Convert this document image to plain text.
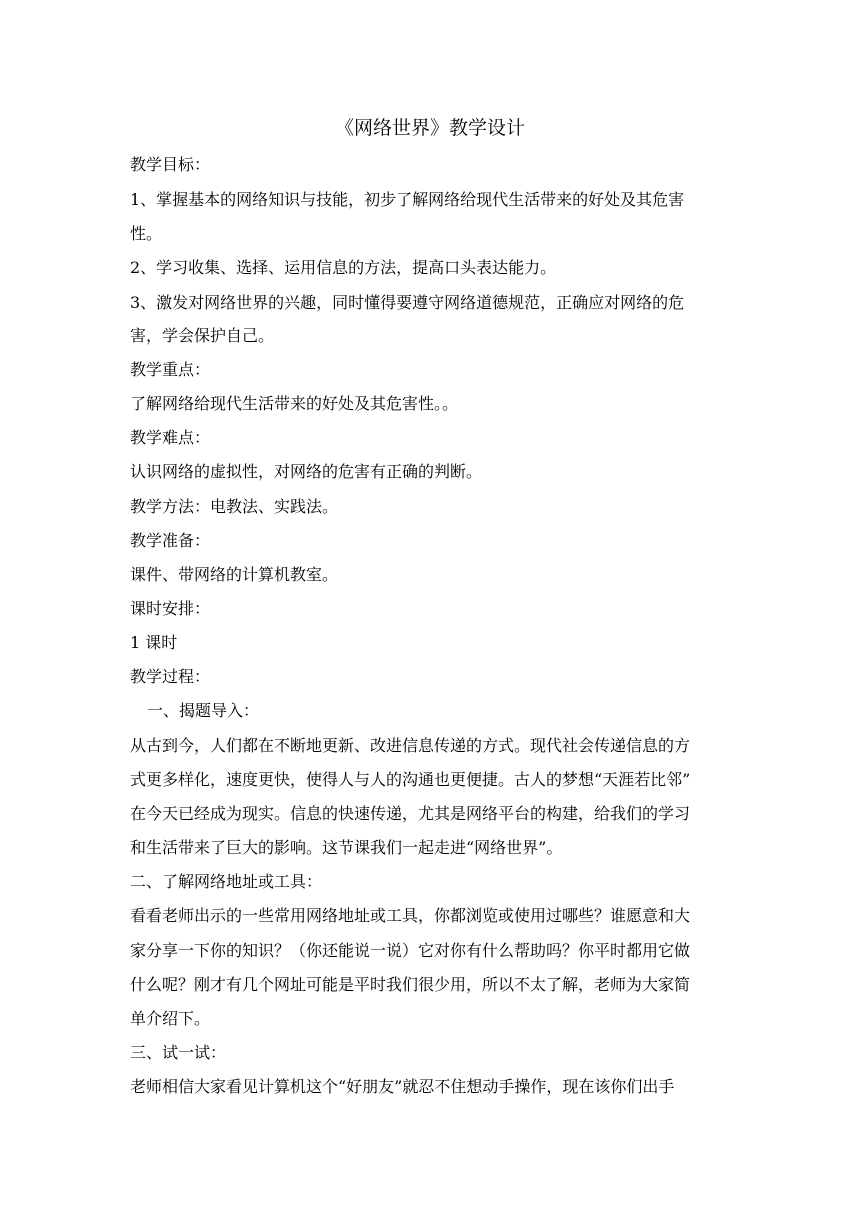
《网络世界》教学设计
教学目标：
1、掌握基本的网络知识与技能，初步了解网络给现代生活带来的好处及其危害
性。
2、学习收集、选择、运用信息的方法，提高口头表达能力。
3、激发对网络世界的兴趣，同时懂得要遵守网络道德规范，正确应对网络的危
害，学会保护自己。
教学重点：
了解网络给现代生活带来的好处及其危害性。。
教学难点：
认识网络的虚拟性，对网络的危害有正确的判断。
教学方法：电教法、实践法。
教学准备：
课件、带网络的计算机教室。
课时安排：
1 课时
教学过程：
一、揭题导入：
从古到今，人们都在不断地更新、改进信息传递的方式。现代社会传递信息的方
式更多样化，速度更快，使得人与人的沟通也更便捷。古人的梦想“天涯若比邻”
在今天已经成为现实。信息的快速传递，尤其是网络平台的构建，给我们的学习
和生活带来了巨大的影响。这节课我们一起走进“网络世界”。
二、了解网络地址或工具：
看看老师出示的一些常用网络地址或工具，你都浏览或使用过哪些？谁愿意和大
家分享一下你的知识？（你还能说一说）它对你有什么帮助吗？你平时都用它做
什么呢？刚才有几个网址可能是平时我们很少用，所以不太了解，老师为大家简
单介绍下。
三、试一试：
老师相信大家看见计算机这个“好朋友”就忍不住想动手操作，现在该你们出手
